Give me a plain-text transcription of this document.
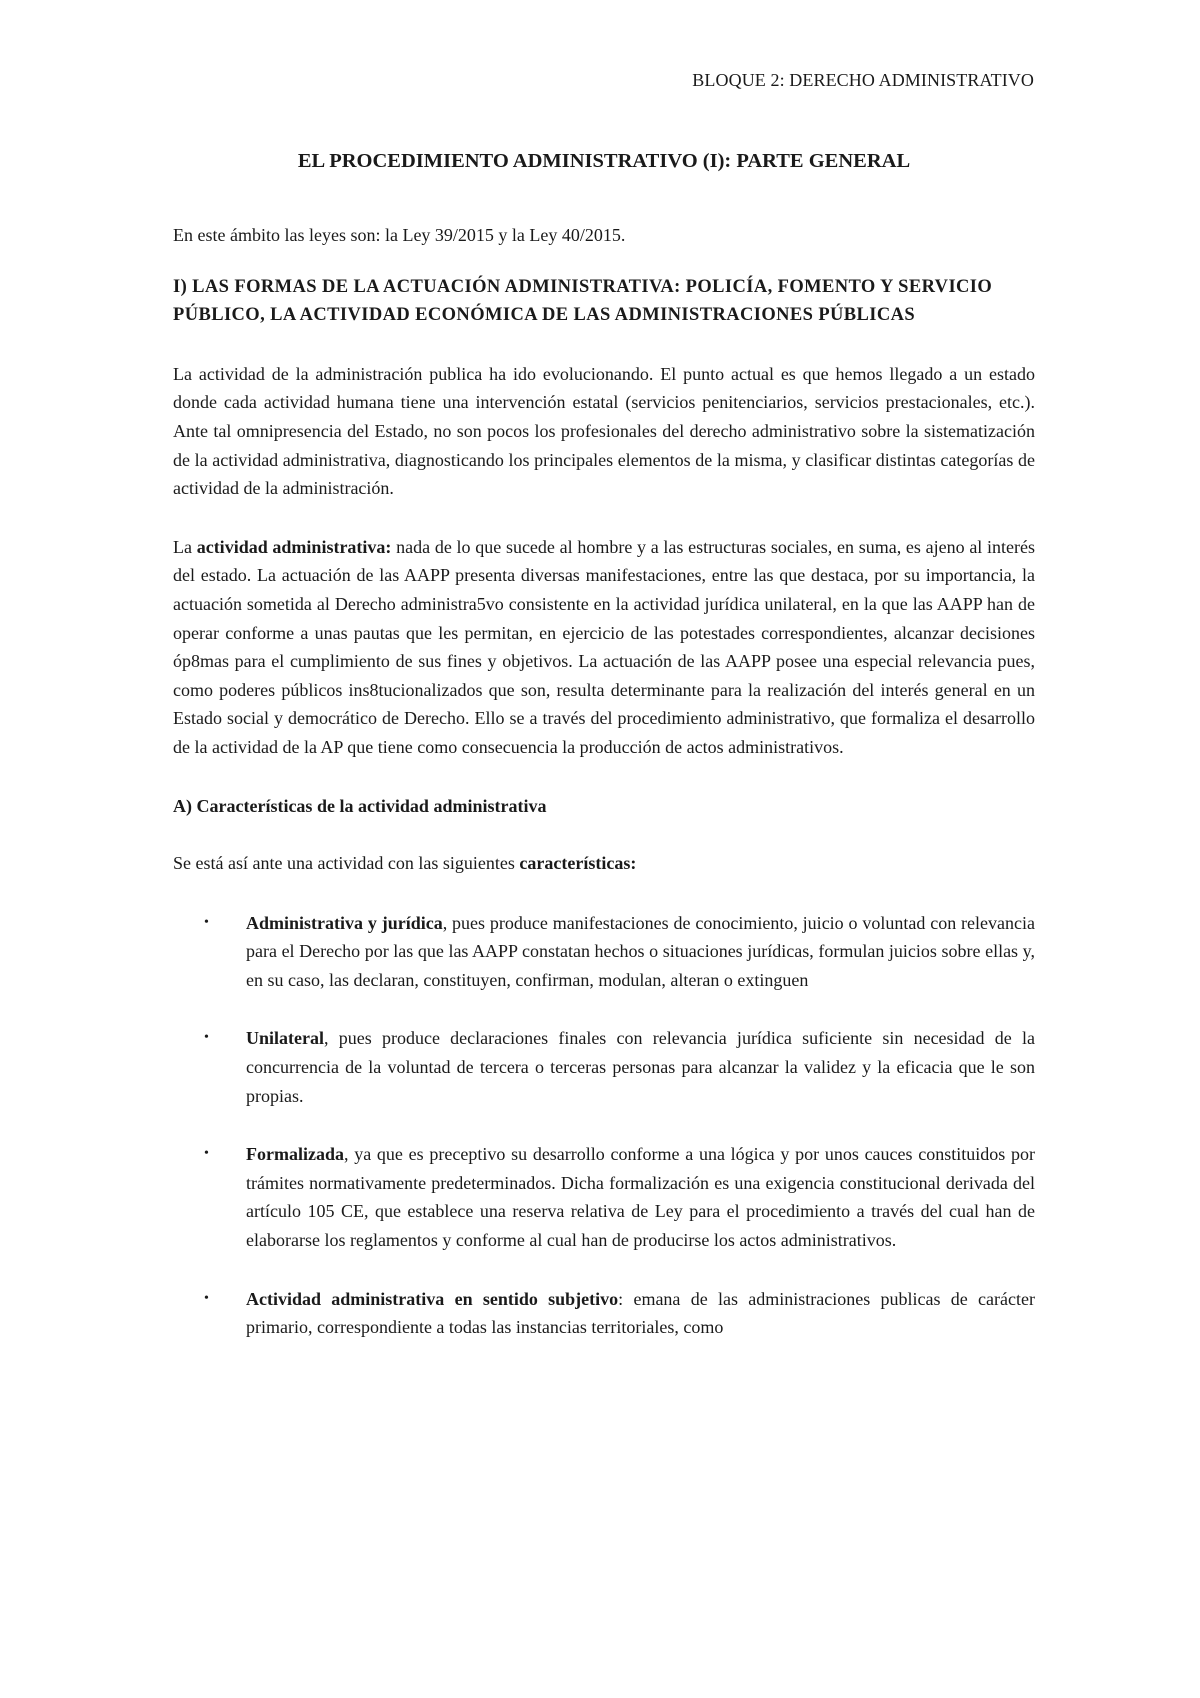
BLOQUE 2: DERECHO ADMINISTRATIVO
EL PROCEDIMIENTO ADMINISTRATIVO (I): PARTE GENERAL

En este ámbito las leyes son: la Ley 39/2015 y la Ley 40/2015.

I) LAS FORMAS DE LA ACTUACIÓN ADMINISTRATIVA: POLICÍA, FOMENTO Y SERVICIO PÚBLICO, LA ACTIVIDAD ECONÓMICA DE LAS ADMINISTRACIONES PÚBLICAS

La actividad de la administración publica ha ido evolucionando. El punto actual es que hemos llegado a un estado donde cada actividad humana tiene una intervención estatal (servicios penitenciarios, servicios prestacionales, etc.). Ante tal omnipresencia del Estado, no son pocos los profesionales del derecho administrativo sobre la sistematización de la actividad administrativa, diagnosticando los principales elementos de la misma, y clasificar distintas categorías de actividad de la administración.

La actividad administrativa: nada de lo que sucede al hombre y a las estructuras sociales, en suma, es ajeno al interés del estado. La actuación de las AAPP presenta diversas manifestaciones, entre las que destaca, por su importancia, la actuación sometida al Derecho administra5vo consistente en la actividad jurídica unilateral, en la que las AAPP han de operar conforme a unas pautas que les permitan, en ejercicio de las potestades correspondientes, alcanzar decisiones óp8mas para el cumplimiento de sus fines y objetivos. La actuación de las AAPP posee una especial relevancia pues, como poderes públicos ins8tucionalizados que son, resulta determinante para la realización del interés general en un Estado social y democrático de Derecho. Ello se a través del procedimiento administrativo, que formaliza el desarrollo de la actividad de la AP que tiene como consecuencia la producción de actos administrativos.

A) Características de la actividad administrativa

Se está así ante una actividad con las siguientes características:

• Administrativa y jurídica, pues produce manifestaciones de conocimiento, juicio o voluntad con relevancia para el Derecho por las que las AAPP constatan hechos o situaciones jurídicas, formulan juicios sobre ellas y, en su caso, las declaran, constituyen, confirman, modulan, alteran o extinguen
• Unilateral, pues produce declaraciones finales con relevancia jurídica suficiente sin necesidad de la concurrencia de la voluntad de tercera o terceras personas para alcanzar la validez y la eficacia que le son propias.
• Formalizada, ya que es preceptivo su desarrollo conforme a una lógica y por unos cauces constituidos por trámites normativamente predeterminados. Dicha formalización es una exigencia constitucional derivada del artículo 105 CE, que establece una reserva relativa de Ley para el procedimiento a través del cual han de elaborarse los reglamentos y conforme al cual han de producirse los actos administrativos.
• Actividad administrativa en sentido subjetivo: emana de las administraciones publicas de carácter primario, correspondiente a todas las instancias territoriales, como
